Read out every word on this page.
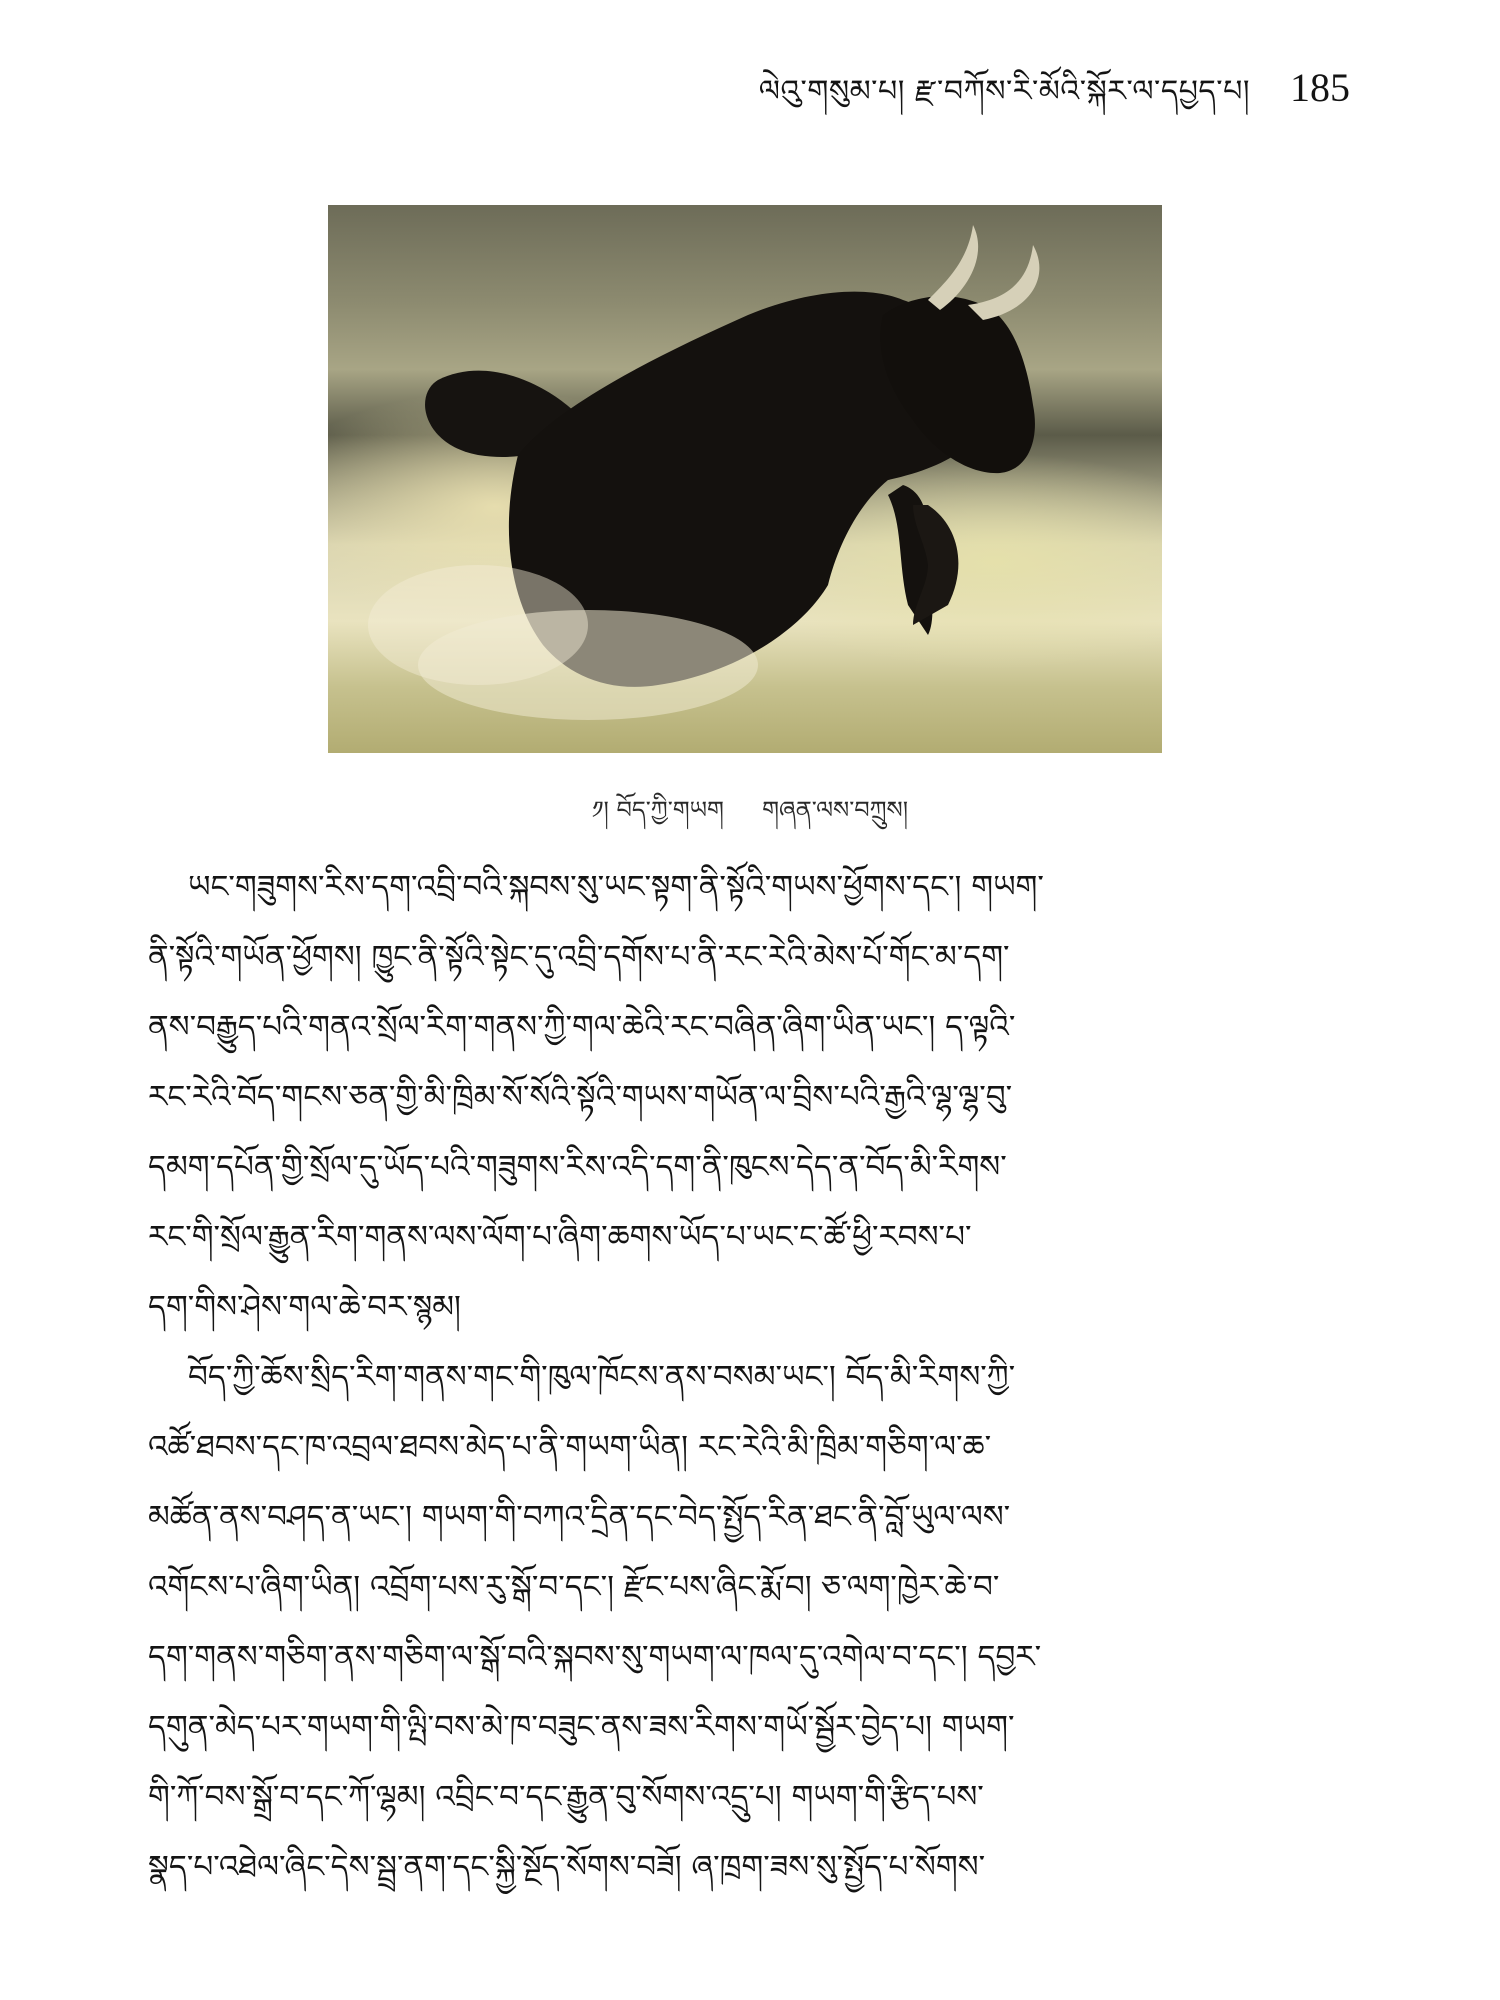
ལེའུ་གསུམ་པ། རྫ་བཀོས་རི་མོའི་སྐོར་ལ་དཔྱད་པ། 185
༡། བོད་ཀྱི་གཡག     གཞན་ལས་བཀྲུས།

ཡང་གཟུགས་རིས་དག་འབྲི་བའི་སྐབས་སུ་ཡང་སྟག་ནི་སྟོའི་གཡས་ཕྱོགས་དང་། གཡག་
ནི་སྟོའི་གཡོན་ཕྱོགས། ཁྱུང་ནི་སྟོའི་སྟེང་དུ་འབྲི་དགོས་པ་ནི་རང་རེའི་མེས་པོ་གོང་མ་དག་
ནས་བརྒྱུད་པའི་གནའ་སྲོལ་རིག་གནས་ཀྱི་གལ་ཆེའི་རང་བཞིན་ཞིག་ཡིན་ཡང་། ད་ལྟའི་
རང་རེའི་བོད་གངས་ཅན་གྱི་མི་ཁྲིམ་སོ་སོའི་སྟོའི་གཡས་གཡོན་ལ་བྲིས་པའི་རྒྱའི་ལྷ་ལྷ་བུ་
དམག་དཔོན་གྱི་སྲོལ་དུ་ཡོད་པའི་གཟུགས་རིས་འདི་དག་ནི་ཁུངས་དེད་ན་བོད་མི་རིགས་
རང་གི་སྲོལ་རྒྱུན་རིག་གནས་ལས་ལོག་པ་ཞིག་ཆགས་ཡོད་པ་ཡང་ང་ཚོ་ཕྱི་རབས་པ་
དག་གིས་ཤེས་གལ་ཆེ་བར་སྙམ།

བོད་ཀྱི་ཆོས་སྲིད་རིག་གནས་གང་གི་ཁུལ་ཁོངས་ནས་བསམ་ཡང་། བོད་མི་རིགས་ཀྱི་
འཚོ་ཐབས་དང་ཁ་འབྲལ་ཐབས་མེད་པ་ནི་གཡག་ཡིན། རང་རེའི་མི་ཁྲིམ་གཅིག་ལ་ཆ་
མཚོན་ནས་བཤད་ན་ཡང་། གཡག་གི་བཀའ་དྲིན་དང་བེད་སྤྱོད་རིན་ཐང་ནི་བློ་ཡུལ་ལས་
འགོངས་པ་ཞིག་ཡིན། འབྲོག་པས་རུ་སྒོ་བ་དང་། རྫོང་པས་ཞིང་རྨོ་བ། ཅ་ལག་ཁྱེར་ཆེ་བ་
དག་གནས་གཅིག་ནས་གཅིག་ལ་སྒོ་བའི་སྐབས་སུ་གཡག་ལ་ཁལ་དུ་འགེལ་བ་དང་། དབྱར་
དགུན་མེད་པར་གཡག་གི་ལྤི་བས་མེ་ཁ་བཟུང་ནས་ཟས་རིགས་གཡོ་སྦྱོར་བྱེད་པ། གཡག་
གི་ཀོ་བས་སྒྲོ་བ་དང་ཀོ་ལྷམ། འབྲིང་བ་དང་རྒྱུན་བུ་སོགས་འདྲུ་པ། གཡག་གི་རྩིད་པས་
སྣད་པ་འཐེལ་ཞིང་དེས་སྦྲ་ནག་དང་སྐྱི་སྔོད་སོགས་བཟོ། ཞ་ཁྲག་ཟས་སུ་སྤྱོད་པ་སོགས་
